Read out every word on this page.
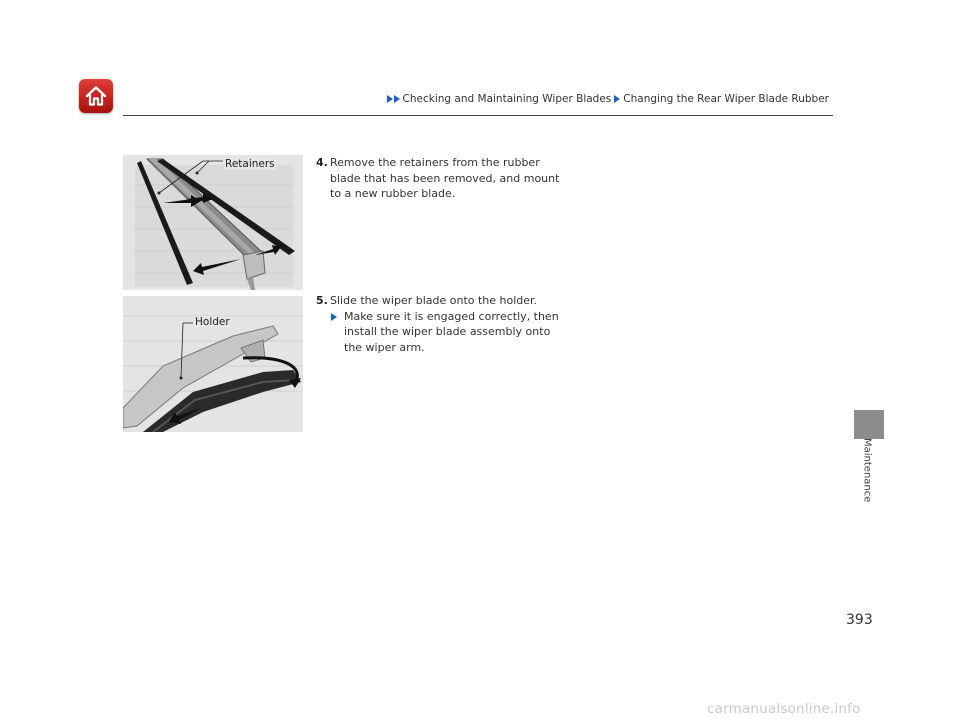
Checking and Maintaining Wiper Blades Changing the Rear Wiper Blade Rubber
Retainers
Holder
4. Remove the retainers from the rubber blade that has been removed, and mount to a new rubber blade.
5. Slide the wiper blade onto the holder.
Make sure it is engaged correctly, then install the wiper blade assembly onto the wiper arm.
Maintenance
393
carmanualsonline.info
